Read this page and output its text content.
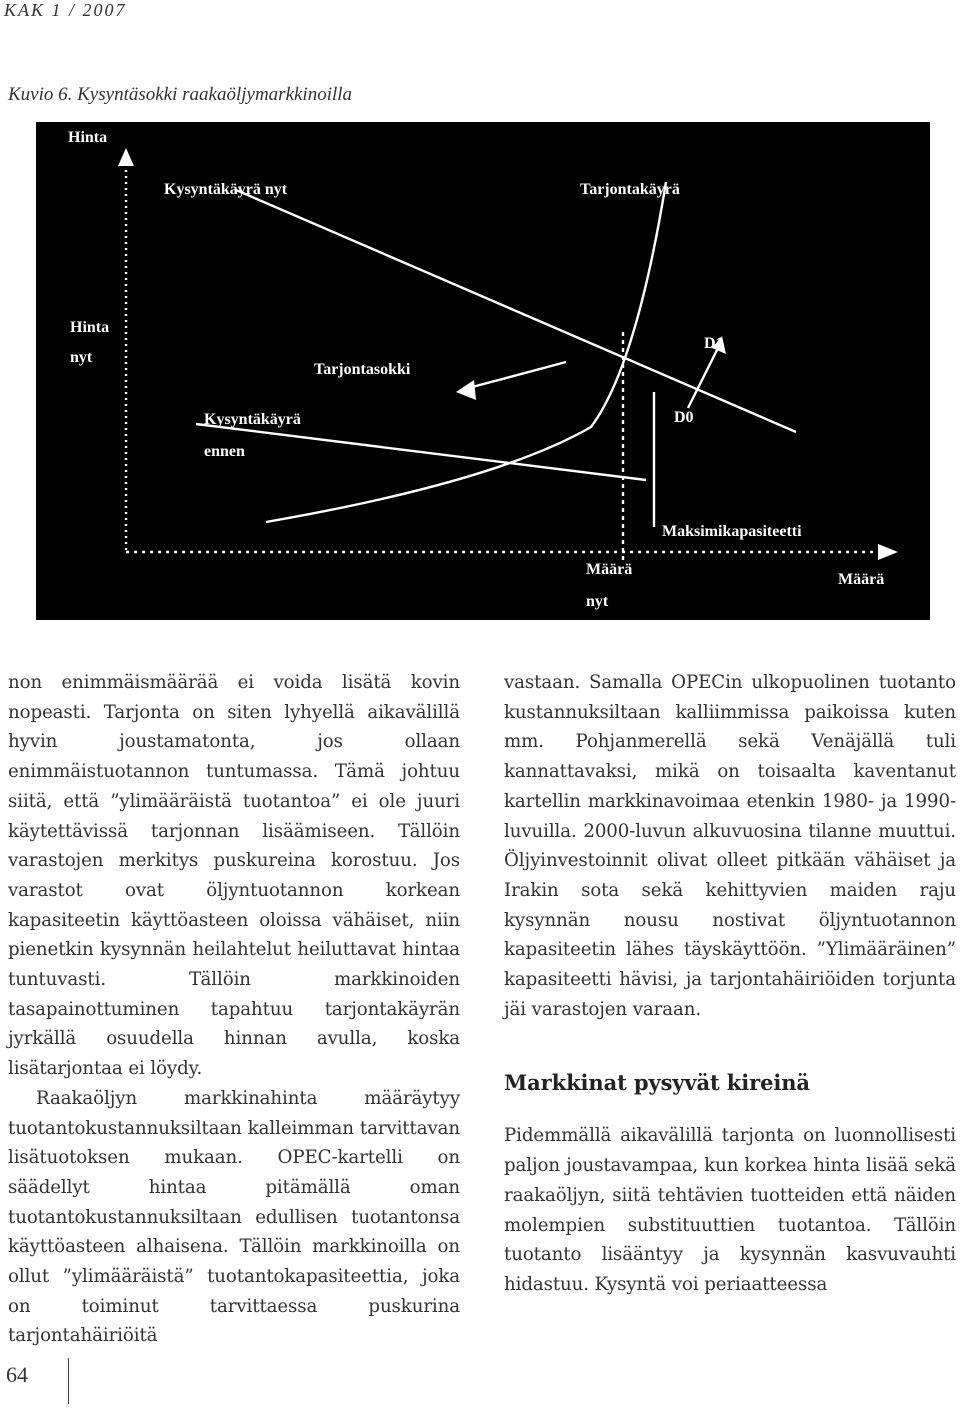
KAK 1 / 2007
Kuvio 6. Kysyntäsokki raakaöljymarkkinoilla
Hinta
Määrä
Kysyntäkäyrä nyt	Tarjontakäyrä
Hinta
nyt
Tarjontasokki
Kysyntäkäyrä
ennen
Maksimikapasiteetti
Määrä
nyt
D1
D0

non enimmäismäärää ei voida lisätä kovin nopeasti. Tarjonta on siten lyhyellä aikavälillä hyvin joustamatonta, jos ollaan enimmäistuotannon tuntumassa. Tämä johtuu siitä, että ”ylimääräistä tuotantoa” ei ole juuri käytettävissä tarjonnan lisäämiseen. Tällöin varastojen merkitys puskureina korostuu. Jos varastot ovat öljyntuotannon korkean kapasiteetin käyttöasteen oloissa vähäiset, niin pienetkin kysynnän heilahtelut heiluttavat hintaa tuntuvasti. Tällöin markkinoiden tasapainottuminen tapahtuu tarjontakäyrän jyrkällä osuudella hinnan avulla, koska lisätarjontaa ei löydy.

Raakaöljyn markkinahinta määräytyy tuotantokustannuksiltaan kalleimman tarvittavan lisätuotoksen mukaan. OPEC-kartelli on säädellyt hintaa pitämällä oman tuotantokustannuksiltaan edullisen tuotantonsa käyttöasteen alhaisena. Tällöin markkinoilla on ollut ”ylimääräistä” tuotantokapasiteettia, joka on toiminut tarvittaessa puskurina tarjontahäiriöitä

vastaan. Samalla OPECin ulkopuolinen tuotanto kustannuksiltaan kalliimmissa paikoissa kuten mm. Pohjanmerellä sekä Venäjällä tuli kannattavaksi, mikä on toisaalta kaventanut kartellin markkinavoimaa etenkin 1980- ja 1990-luvuilla. 2000-luvun alkuvuosina tilanne muuttui. Öljyinvestoinnit olivat olleet pitkään vähäiset ja Irakin sota sekä kehittyvien maiden raju kysynnän nousu nostivat öljyntuotannon kapasiteetin lähes täyskäyttöön. ”Ylimääräinen” kapasiteetti hävisi, ja tarjontahäiriöiden torjunta jäi varastojen varaan.

Markkinat pysyvät kireinä

Pidemmällä aikavälillä tarjonta on luonnollisesti paljon joustavampaa, kun korkea hinta lisää sekä raakaöljyn, siitä tehtävien tuotteiden että näiden molempien substituuttien tuotantoa. Tällöin tuotanto lisääntyy ja kysynnän kasvuvauhti hidastuu. Kysyntä voi periaatteessa

64
